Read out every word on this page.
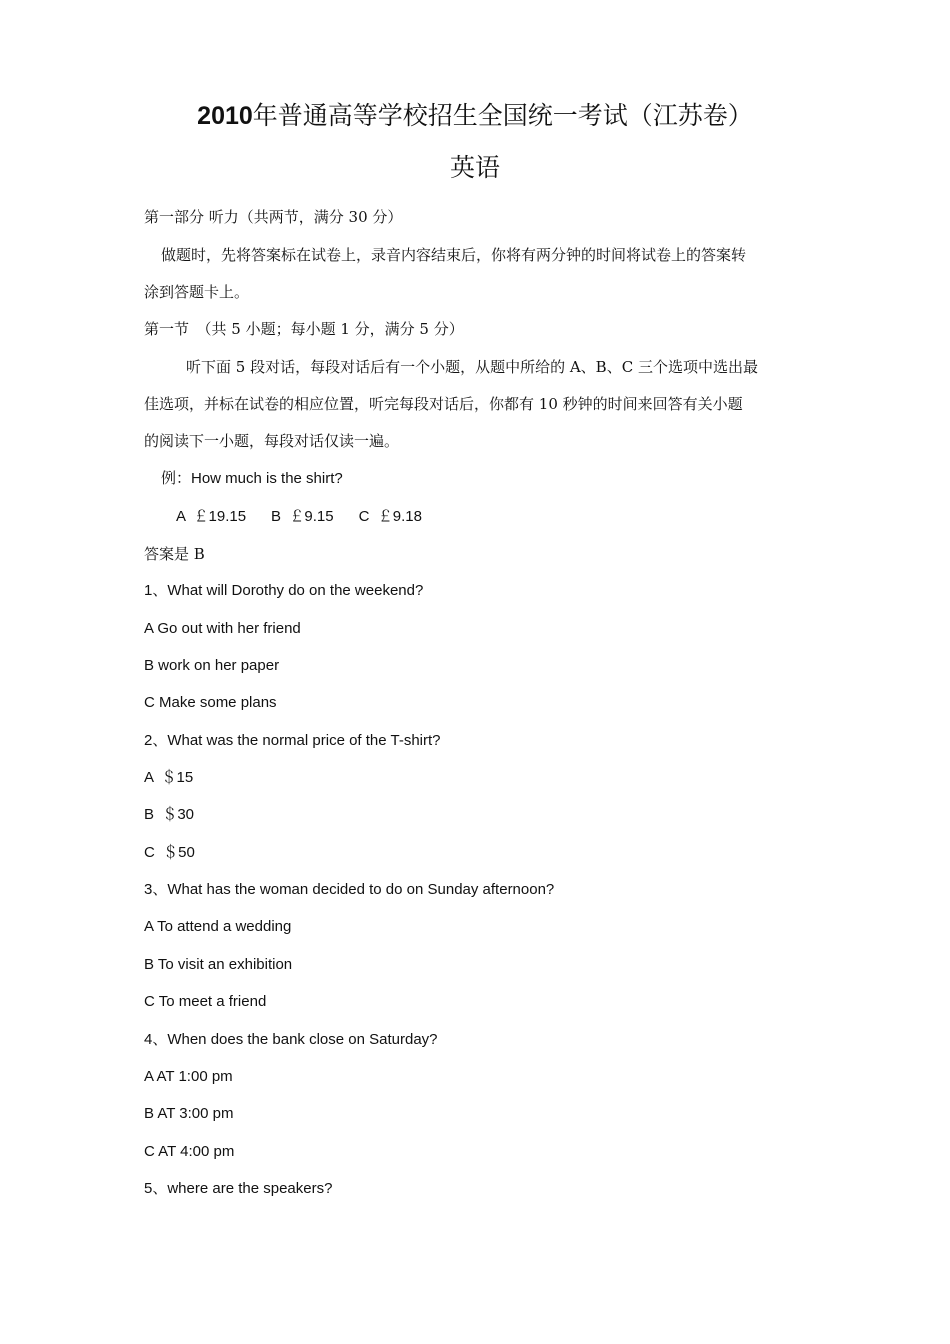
2010年普通高等学校招生全国统一考试（江苏卷）
英语
第一部分 听力（共两节，满分 30 分）
做题时，先将答案标在试卷上，录音内容结束后，你将有两分钟的时间将试卷上的答案转
涂到答题卡上。
第一节　（共 5 小题；每小题 1 分，满分 5 分）
听下面 5 段对话，每段对话后有一个小题，从题中所给的 A、B、C 三个选项中选出最
佳选项，并标在试卷的相应位置，听完每段对话后，你都有 10 秒钟的时间来回答有关小题
的阅读下一小题，每段对话仅读一遍。
例：How much is the shirt?
A  ￡19.15      B  ￡9.15      C  ￡9.18
答案是 B
1、What will Dorothy do on the weekend?
A Go out with her friend
B work on her paper
C Make some plans
2、What was the normal price of the T-shirt?
A  ＄15
B  ＄30
C  ＄50
3、What has the woman decided to do on Sunday afternoon?
A To attend a wedding
B To visit an exhibition
C To meet a friend
4、When does the bank close on Saturday?
A AT 1:00 pm
B AT 3:00 pm
C AT 4:00 pm
5、where are the speakers?
